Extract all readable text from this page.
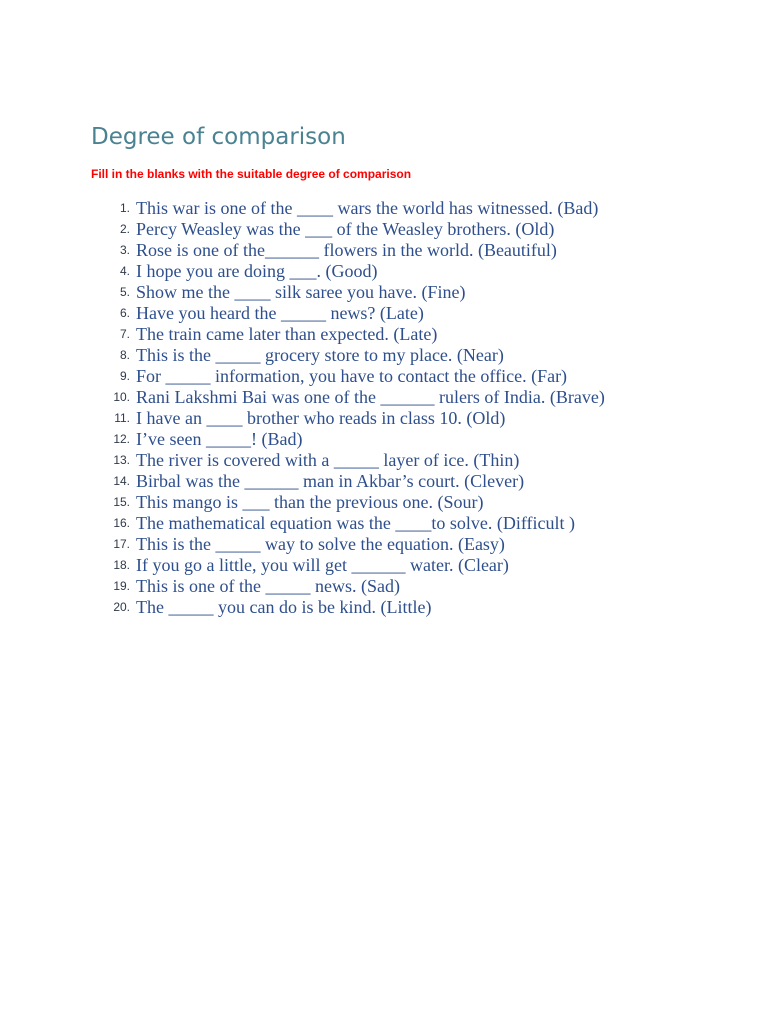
Degree of comparison

Fill in the blanks with the suitable degree of comparison

1. This war is one of the ____ wars the world has witnessed. (Bad)
2. Percy Weasley was the ___ of the Weasley brothers. (Old)
3. Rose is one of the______ flowers in the world. (Beautiful)
4. I hope you are doing ___. (Good)
5. Show me the ____ silk saree you have. (Fine)
6. Have you heard the _____ news? (Late)
7. The train came later than expected. (Late)
8. This is the _____ grocery store to my place. (Near)
9. For _____ information, you have to contact the office. (Far)
10. Rani Lakshmi Bai was one of the ______ rulers of India. (Brave)
11. I have an ____ brother who reads in class 10. (Old)
12. I’ve seen _____! (Bad)
13. The river is covered with a _____ layer of ice. (Thin)
14. Birbal was the ______ man in Akbar’s court. (Clever)
15. This mango is ___ than the previous one. (Sour)
16. The mathematical equation was the ____to solve. (Difficult )
17. This is the _____ way to solve the equation. (Easy)
18. If you go a little, you will get ______ water. (Clear)
19. This is one of the _____ news. (Sad)
20. The _____ you can do is be kind. (Little)
